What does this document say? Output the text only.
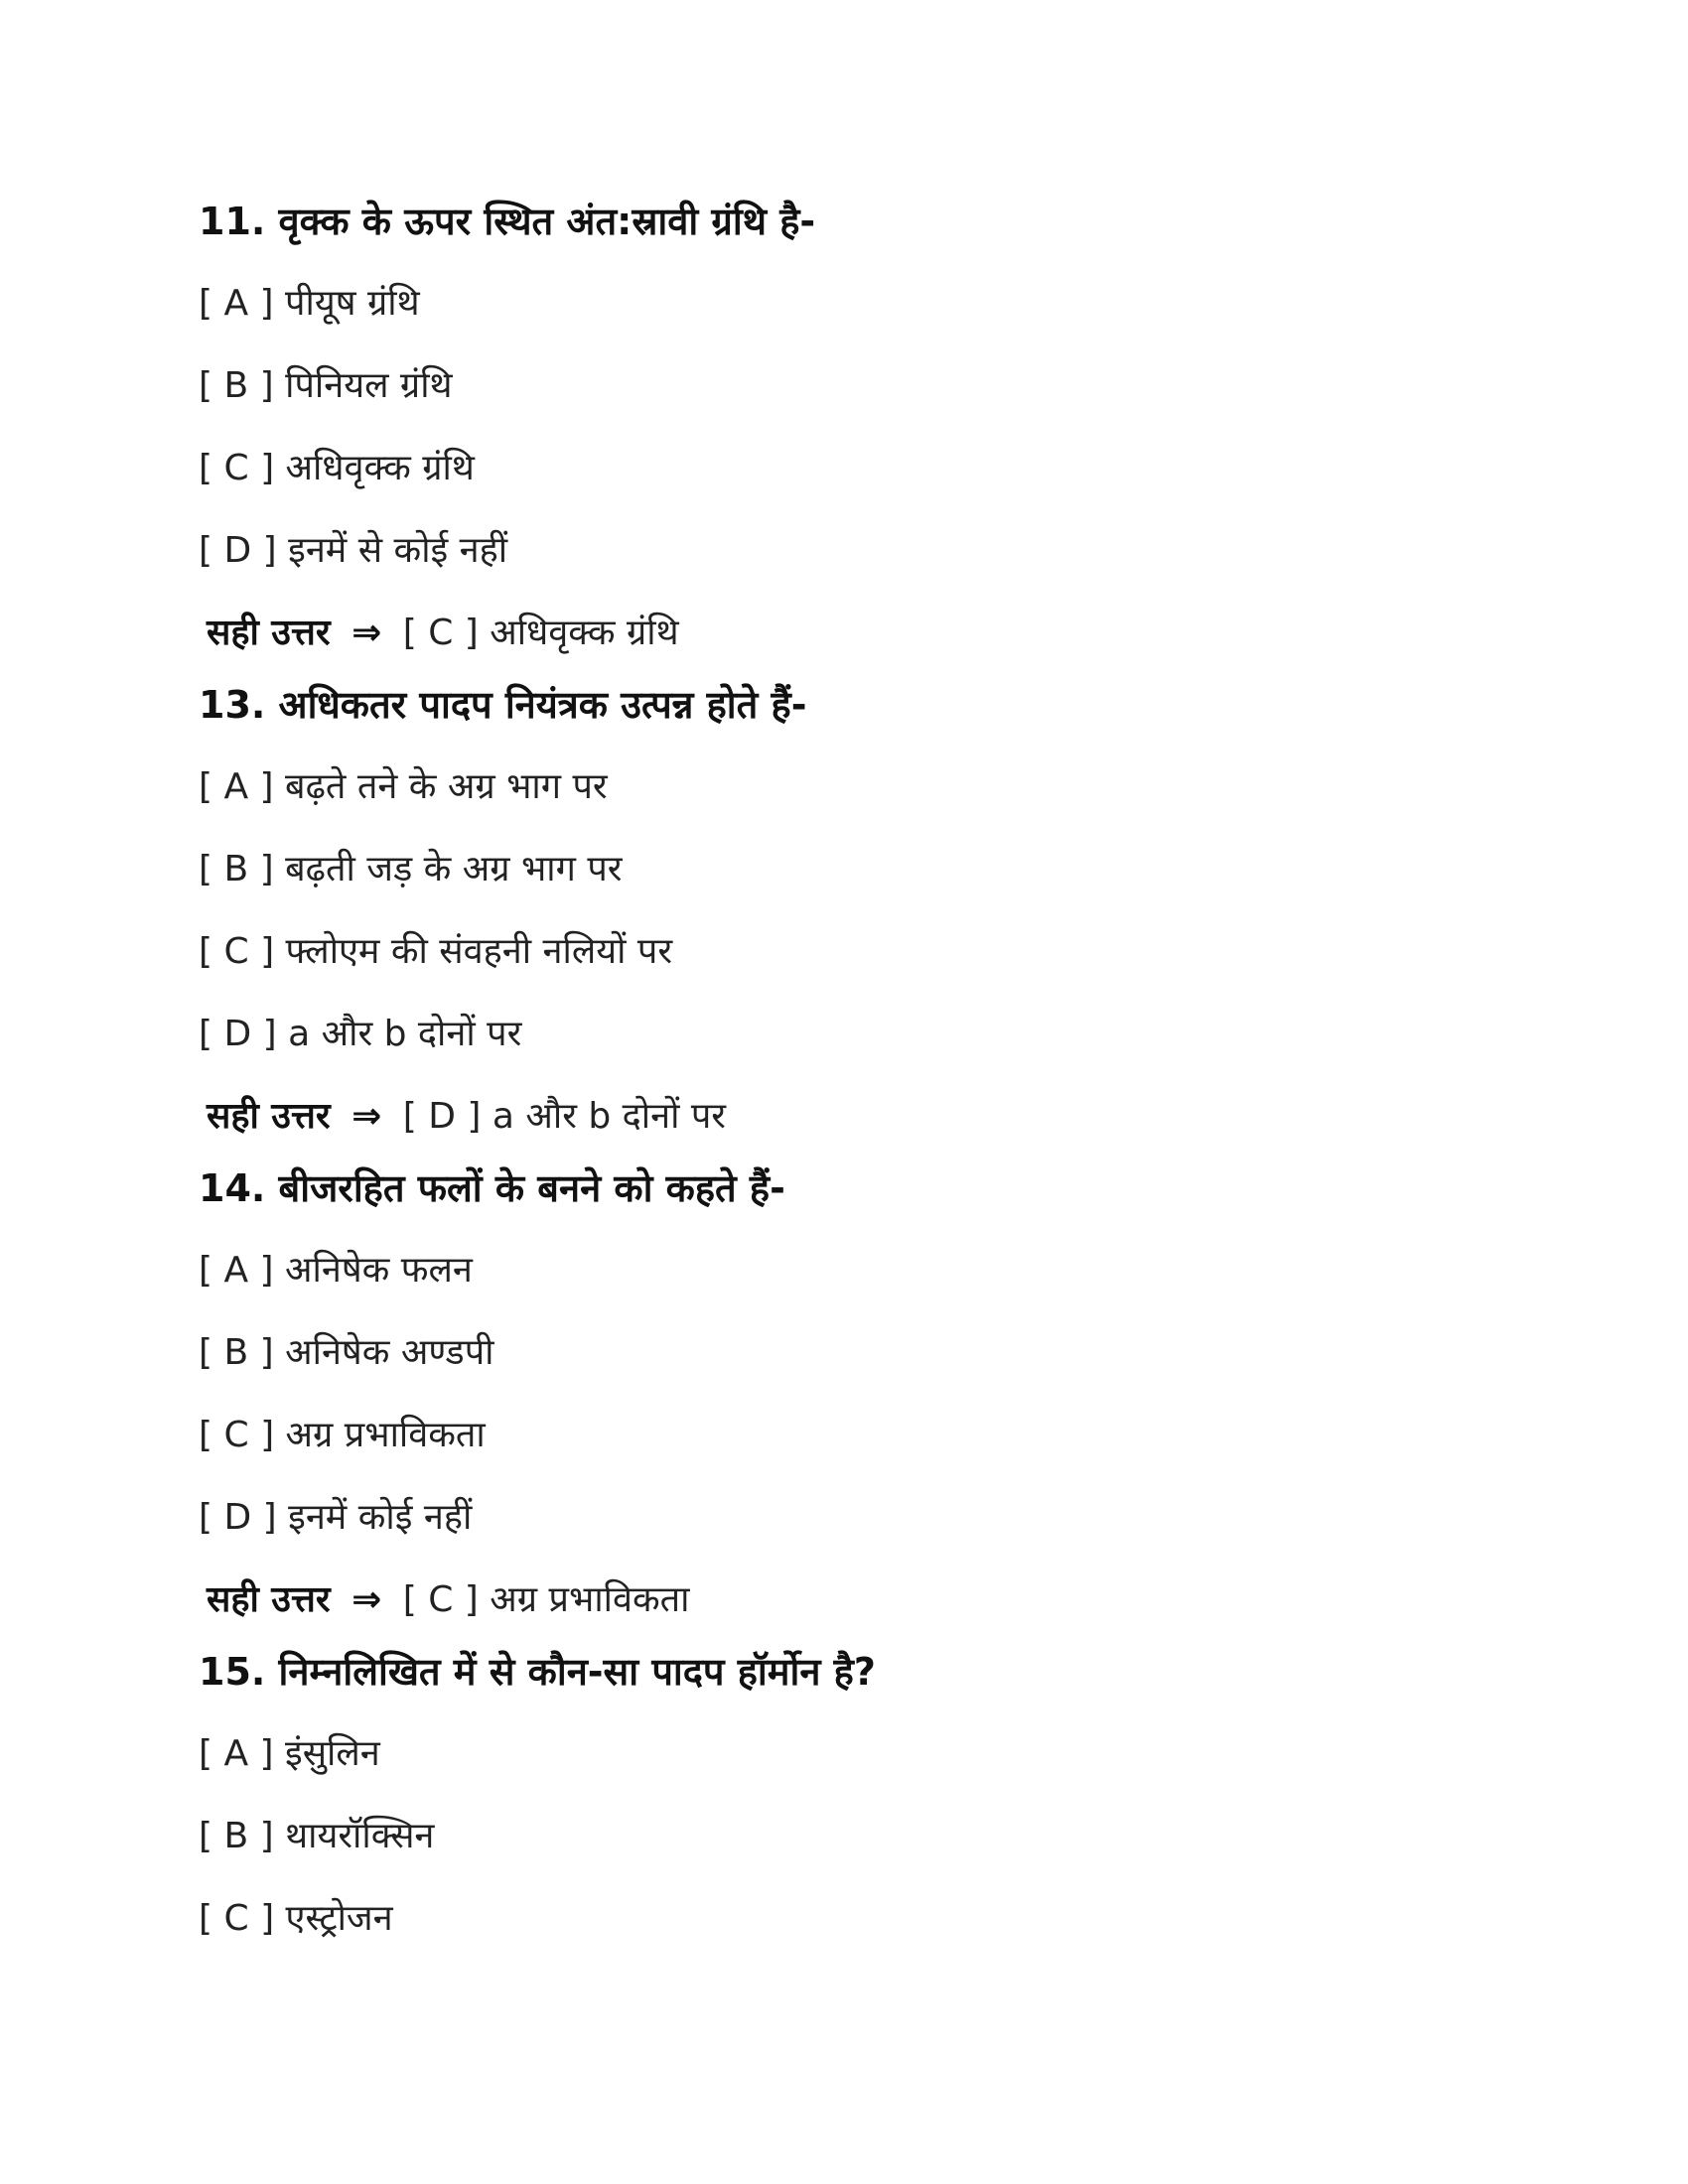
11. वृक्क के ऊपर स्थित अंत:स्रावी ग्रंथि है-
[ A ] पीयूष ग्रंथि
[ B ] पिनियल ग्रंथि
[ C ] अधिवृक्क ग्रंथि
[ D ] इनमें से कोई नहीं
सही उत्तर ⇒ [ C ] अधिवृक्क ग्रंथि
13. अधिकतर पादप नियंत्रक उत्पन्न होते हैं-
[ A ] बढ़ते तने के अग्र भाग पर
[ B ] बढ़ती जड़ के अग्र भाग पर
[ C ] फ्लोएम की संवहनी नलियों पर
[ D ] a और b दोनों पर
सही उत्तर ⇒ [ D ] a और b दोनों पर
14. बीजरहित फलों के बनने को कहते हैं-
[ A ] अनिषेक फलन
[ B ] अनिषेक अण्डपी
[ C ] अग्र प्रभाविकता
[ D ] इनमें कोई नहीं
सही उत्तर ⇒ [ C ] अग्र प्रभाविकता
15. निम्नलिखित में से कौन-सा पादप हॉर्मोन है?
[ A ] इंसुलिन
[ B ] थायरॉक्सिन
[ C ] एस्ट्रोजन
